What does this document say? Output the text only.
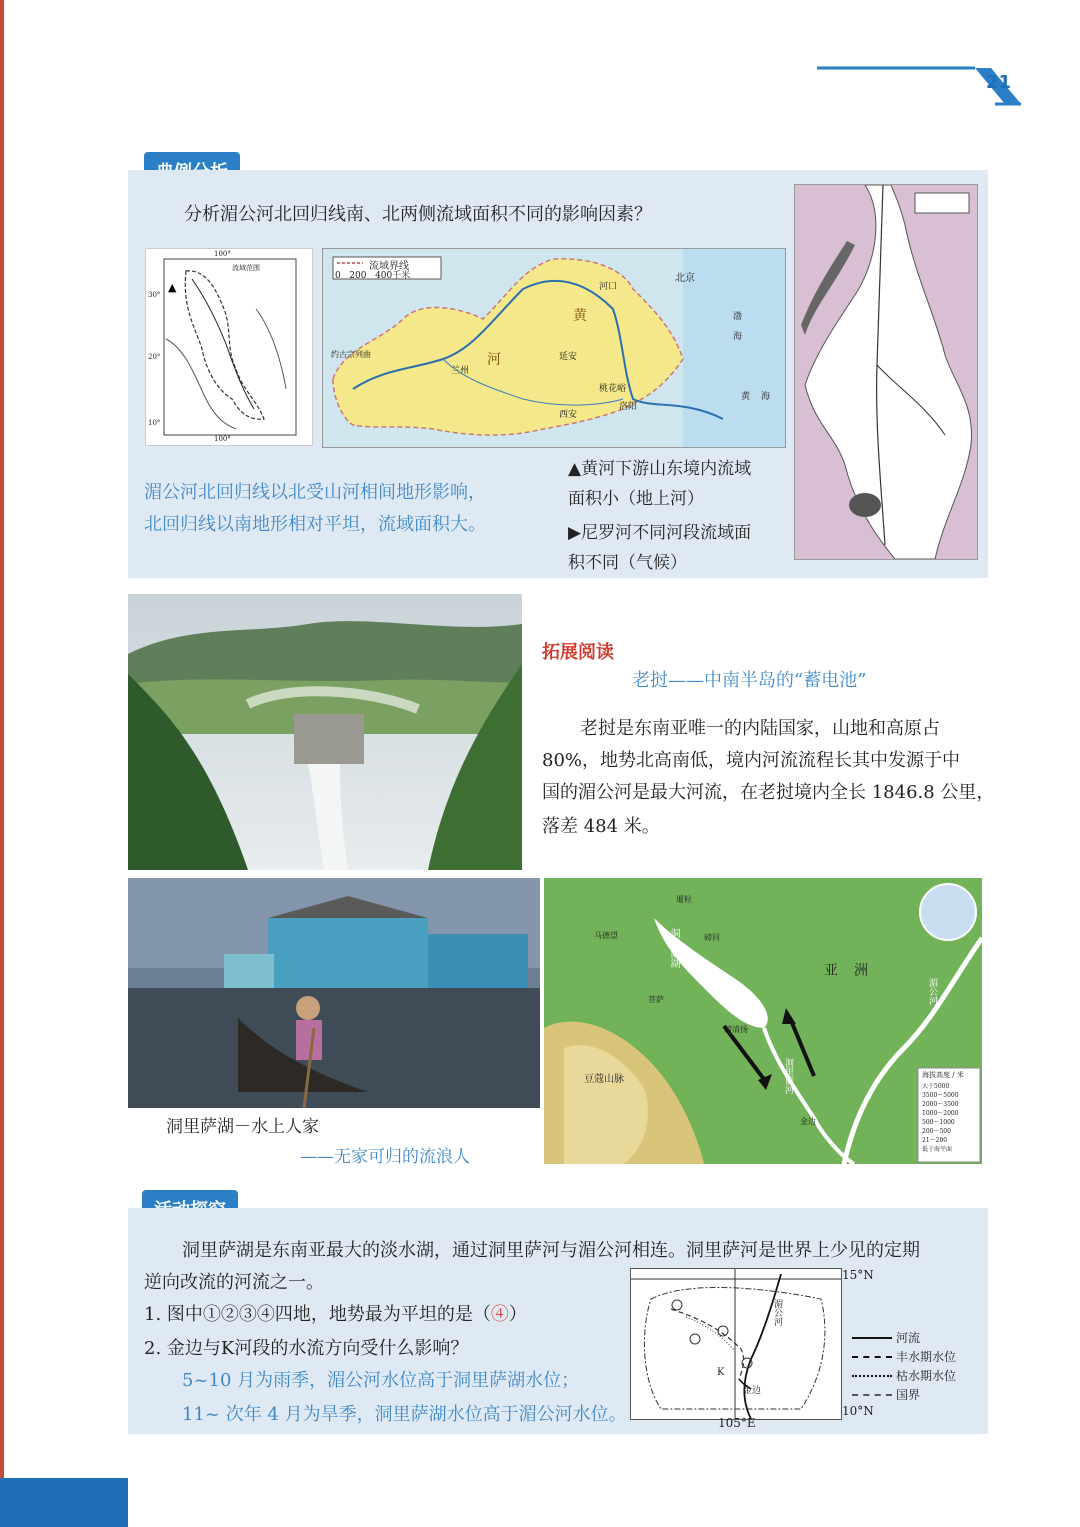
21
分析湄公河北回归线南、北两侧流域面积不同的影响因素？
▲
流域范围
30°
20°
10°
100°
100°
流域界线
0   200   400千米	北京
河口
黄
河
兰州
西安
洛阳
延安
桃花峪
渤
海
黄 海
约古宗列曲
湄公河北回归线以北受山河相间地形影响，
北回归线以南地形相对平坦，流域面积大。
▲黄河下游山东境内流域
面积小（地上河）
▶尼罗河不同河段流域面
积不同（气候）
拓展阅读
老挝——中南半岛的“蓄电池”
老挝是东南亚唯一的内陆国家，山地和高原占
80%，地势北高南低，境内河流流程长其中发源于中
国的湄公河是最大河流，在老挝境内全长 1846.8 公里，
落差 484 米。
洞里萨湖－水上人家
——无家可归的流浪人
暹粒
马德望	磅同
磅清扬
菩萨
金边
亚 洲
豆蔻山脉
洞里萨湖
洞里萨河
湄公河
海拔高度 / 米
大于5000
3500～5000
2000～3500
1000～2000
500～1000
200～500
21～200
低于海平面
洞里萨湖是东南亚最大的淡水湖，通过洞里萨河与湄公河相连。洞里萨河是世界上少见的定期
逆向改流的河流之一。
1. 图中①②③④四地，地势最为平坦的是（④）
2. 金边与K河段的水流方向受什么影响？
5~10 月为雨季，湄公河水位高于洞里萨湖水位；
11~ 次年 4 月为旱季，洞里萨湖水位高于湄公河水位。
金边
K
湄公河
15°N
10°N
105°E
河流
丰水期水位
枯水期水位
国界
